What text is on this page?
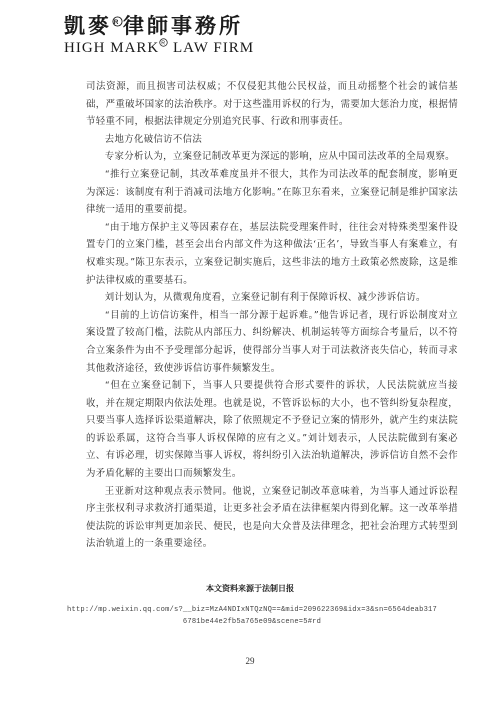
凱麥 R 律師事務所
HIGH MARK R LAW FIRM

司法资源，而且损害司法权威；不仅侵犯其他公民权益，而且动摇整个社会的诚信基础，严重破坏国家的法治秩序。对于这些滥用诉权的行为，需要加大惩治力度，根据情节轻重不同，根据法律规定分别追究民事、行政和刑事责任。

去地方化破信访不信法

专家分析认为，立案登记制改革更为深远的影响，应从中国司法改革的全局观察。

“推行立案登记制，其改革难度虽并不很大，其作为司法改革的配套制度，影响更为深远：该制度有利于消减司法地方化影响。”在陈卫东看来，立案登记制是维护国家法律统一适用的重要前提。

“由于地方保护主义等因素存在，基层法院受理案件时，往往会对特殊类型案件设置专门的立案门槛，甚至会出台内部文件为这种做法‘正名’，导致当事人有案难立，有权难实现。”陈卫东表示，立案登记制实施后，这些非法的地方土政策必然废除，这是维护法律权威的重要基石。

刘计划认为，从微观角度看，立案登记制有利于保障诉权、减少涉诉信访。

“目前的上访信访案件，相当一部分源于起诉难。”他告诉记者，现行诉讼制度对立案设置了较高门槛，法院从内部压力、纠纷解决、机制运转等方面综合考量后，以不符合立案条件为由不予受理部分起诉，使得部分当事人对于司法救济丧失信心，转而寻求其他救济途径，致使涉诉信访事件频繁发生。

“但在立案登记制下，当事人只要提供符合形式要件的诉状，人民法院就应当接收，并在规定期限内依法处理。也就是说，不管诉讼标的大小，也不管纠纷复杂程度，只要当事人选择诉讼渠道解决，除了依照规定不予登记立案的情形外，就产生约束法院的诉讼系属，这符合当事人诉权保障的应有之义。”刘计划表示，人民法院做到有案必立、有诉必理，切实保障当事人诉权，将纠纷引入法治轨道解决，涉诉信访自然不会作为矛盾化解的主要出口而频繁发生。

王亚新对这种观点表示赞同。他说，立案登记制改革意味着，为当事人通过诉讼程序主张权利寻求救济打通渠道，让更多社会矛盾在法律框架内得到化解。这一改革举措使法院的诉讼审判更加亲民、便民，也是向大众普及法律理念，把社会治理方式转型到法治轨道上的一条重要途径。

本文资料来源于法制日报
http://mp.weixin.qq.com/s?__biz=MzA4NDIxNTQzNQ==&mid=209622369&idx=3&sn=6564deab3176781be44e2fb5a765e09&scene=5#rd
29
